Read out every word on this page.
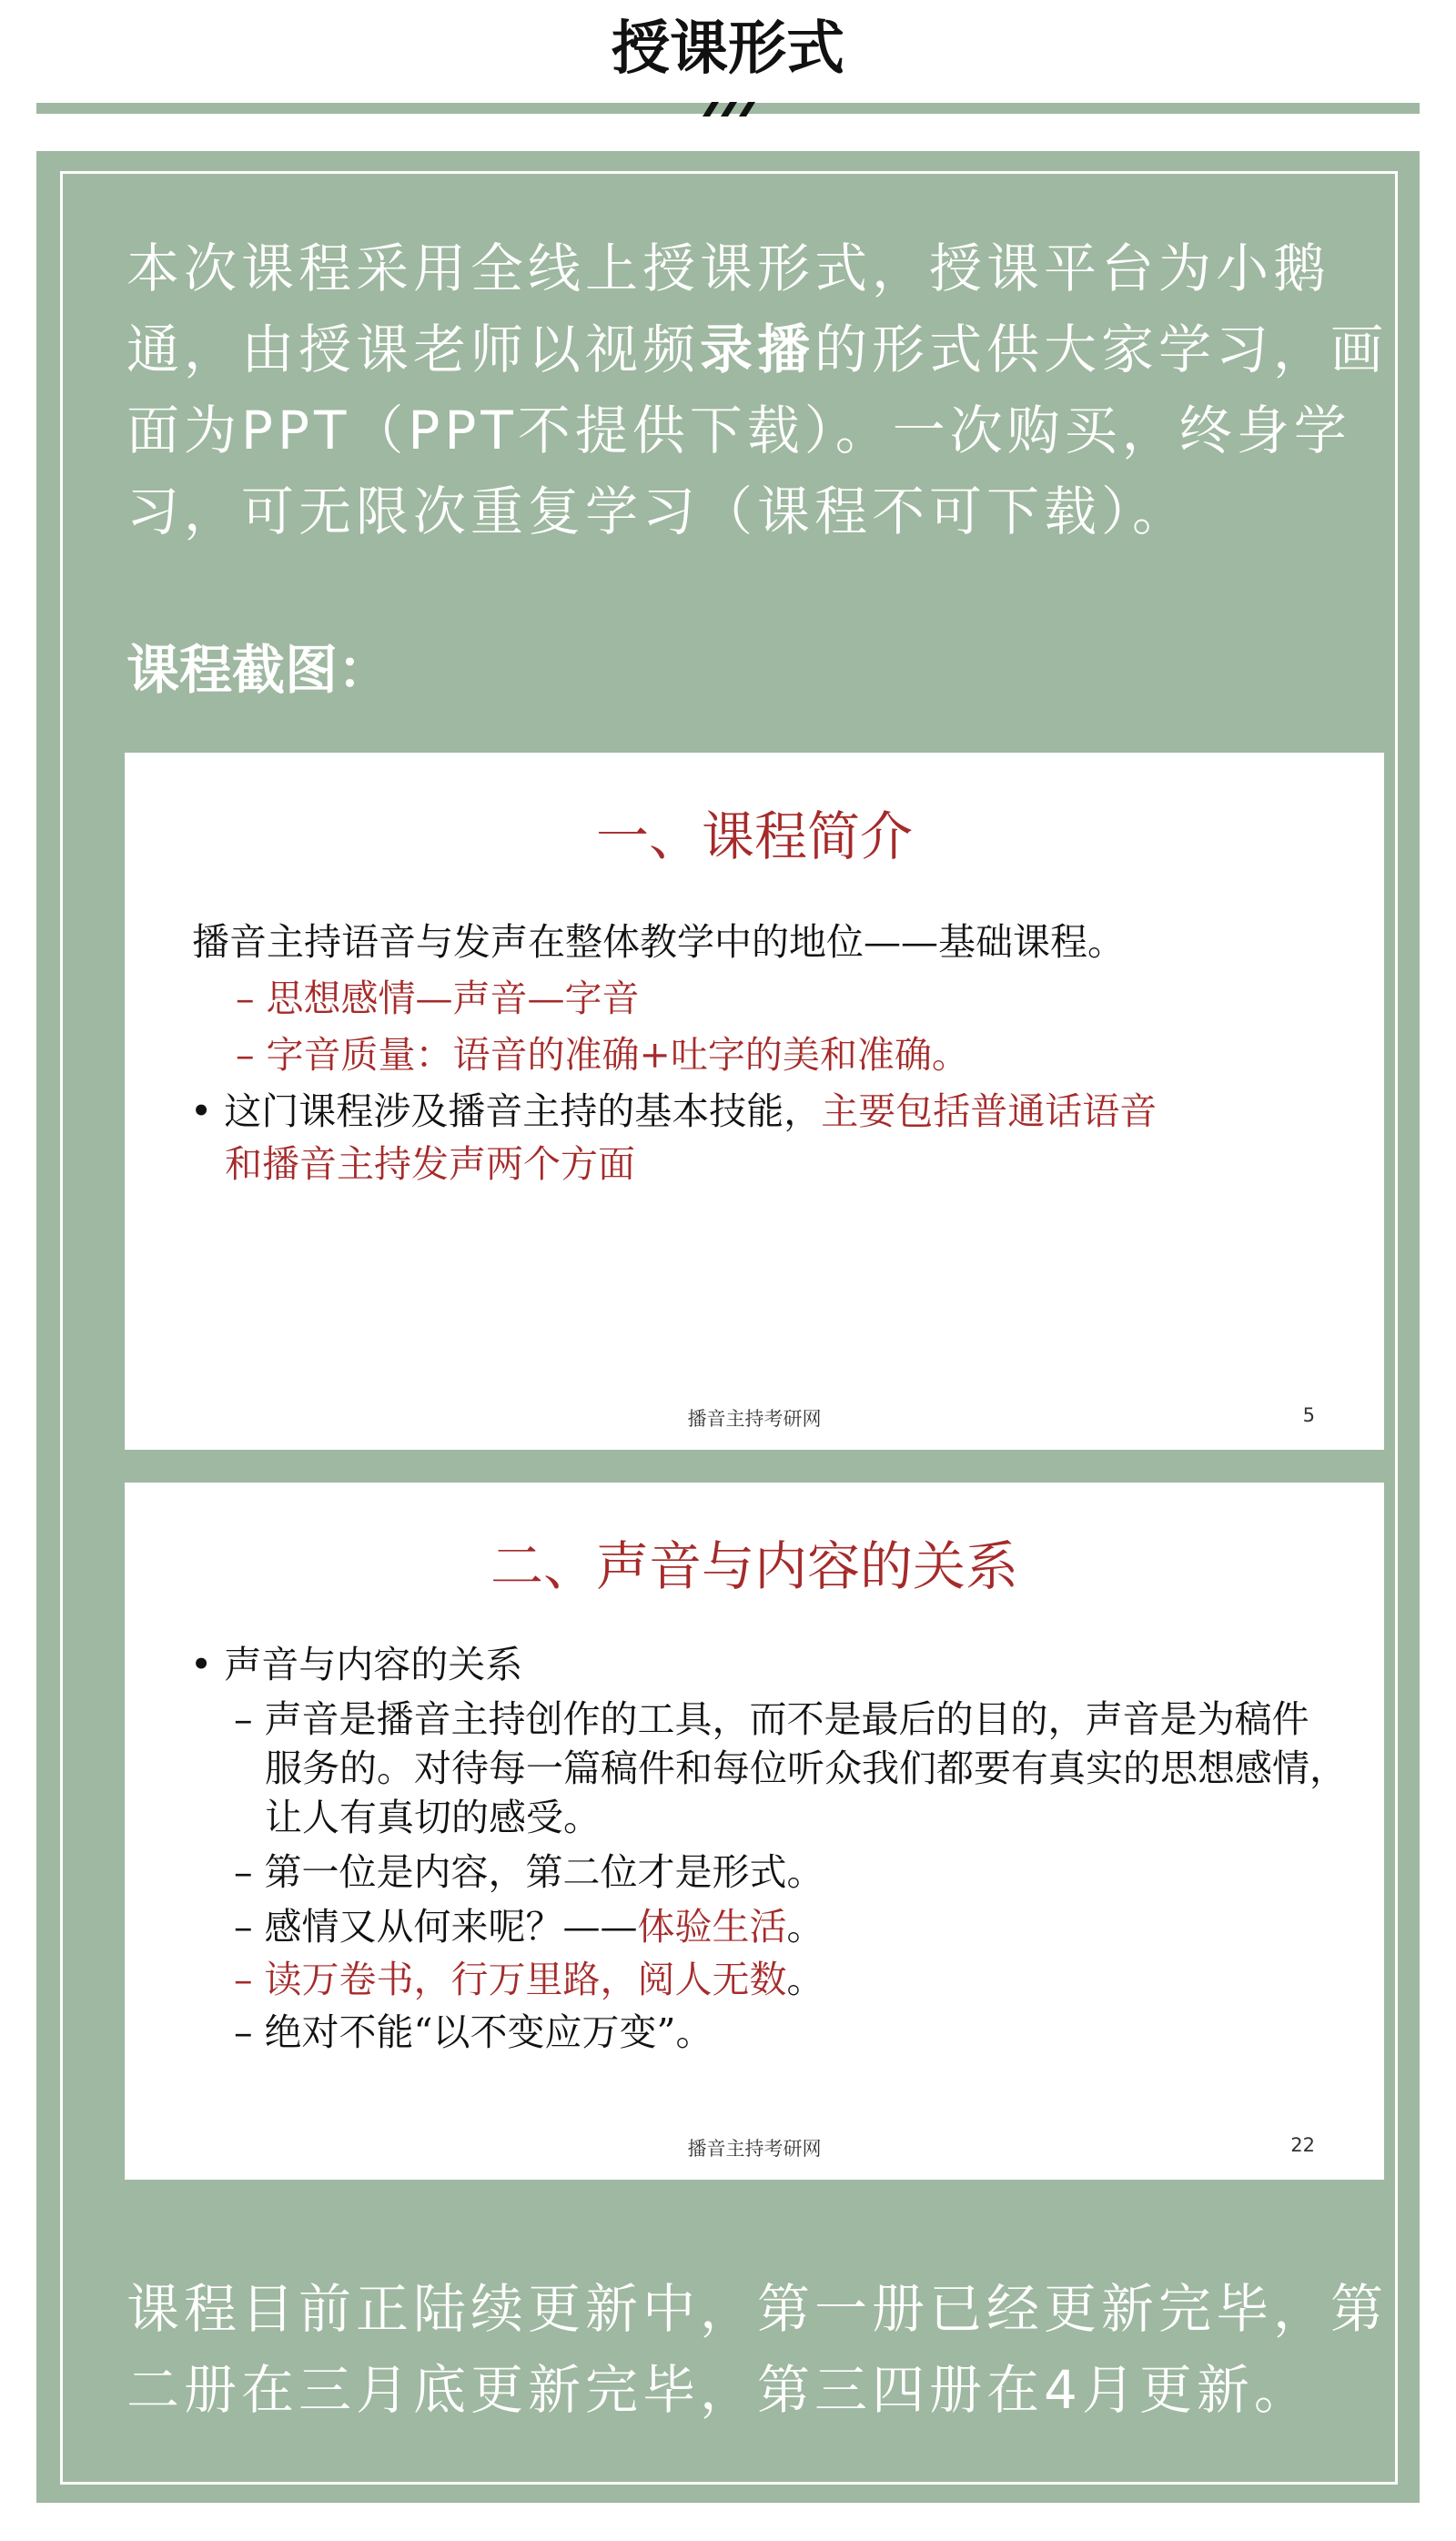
授课形式

本次课程采用全线上授课形式，授课平台为小鹅
通，由授课老师以视频录播的形式供大家学习，画
面为PPT（PPT不提供下载）。一次购买，终身学
习，可无限次重复学习（课程不可下载）。

课程截图：
一、课程简介
播音主持语音与发声在整体教学中的地位——基础课程。
– 思想感情—声音—字音
– 字音质量：语音的准确+吐字的美和准确。
• 这门课程涉及播音主持的基本技能，主要包括普通话语音
和播音主持发声两个方面
播音主持考研网	5
二、声音与内容的关系
• 声音与内容的关系
– 声音是播音主持创作的工具，而不是最后的目的，声音是为稿件
服务的。对待每一篇稿件和每位听众我们都要有真实的思想感情，
让人有真切的感受。
– 第一位是内容，第二位才是形式。
– 感情又从何来呢？——体验生活。
– 读万卷书，行万里路，阅人无数。
– 绝对不能“以不变应万变”。
播音主持考研网	22

课程目前正陆续更新中，第一册已经更新完毕，第
二册在三月底更新完毕，第三四册在4月更新。
